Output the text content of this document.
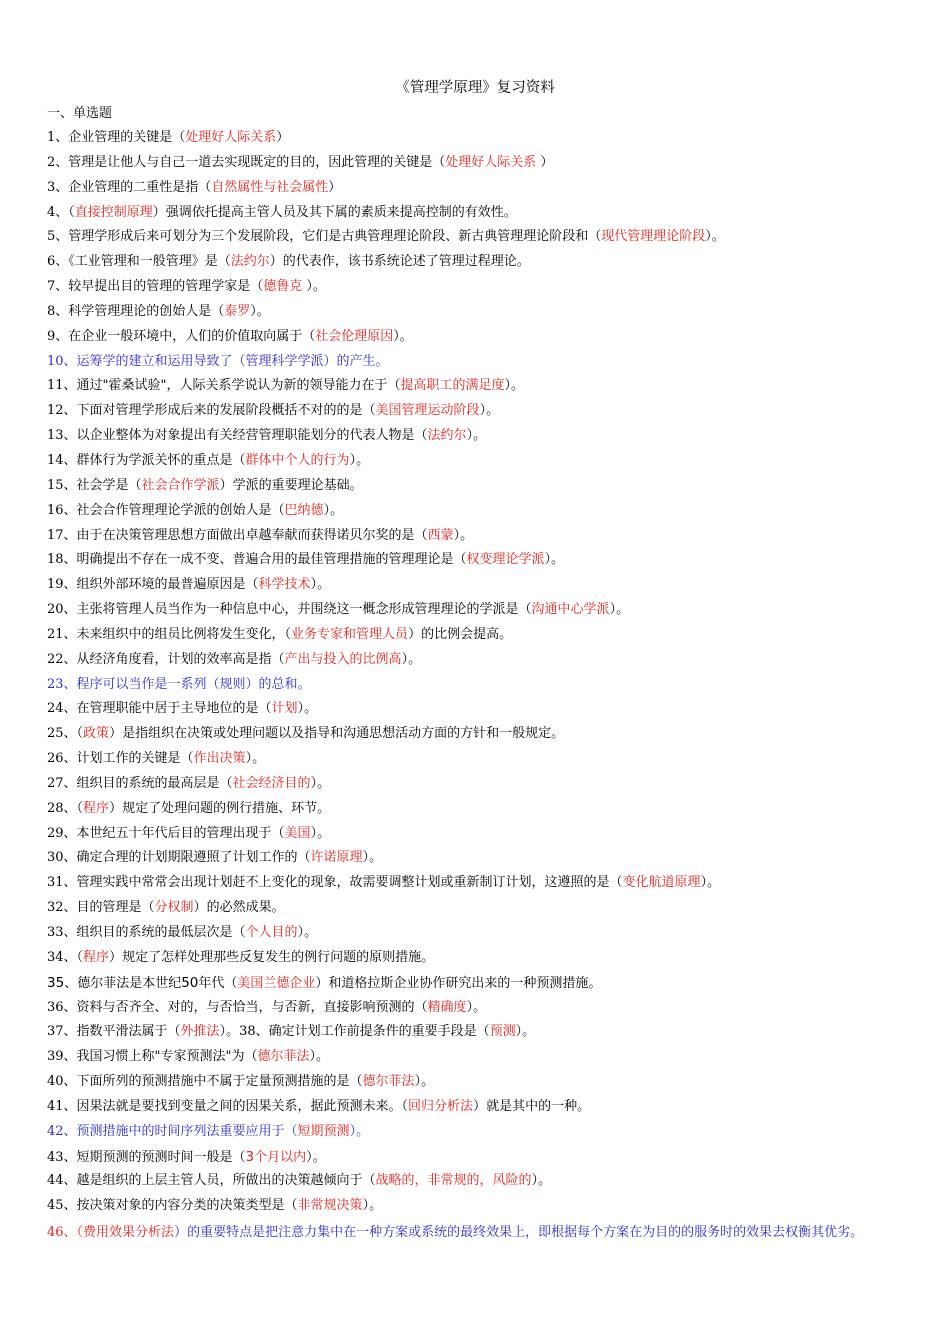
《管理学原理》复习资料
一、单选题
1、企业管理的关键是（处理好人际关系）
2、管理是让他人与自己一道去实现既定的目的，因此管理的关键是（处理好人际关系 ）
3、企业管理的二重性是指（自然属性与社会属性）
4、（直接控制原理）强调依托提高主管人员及其下属的素质来提高控制的有效性。
5、管理学形成后来可划分为三个发展阶段，它们是古典管理理论阶段、新古典管理理论阶段和（现代管理理论阶段）。
6、《工业管理和一般管理》是（法约尔）的代表作，该书系统论述了管理过程理论。
7、较早提出目的管理的管理学家是（德鲁克 ）。
8、科学管理理论的创始人是（泰罗）。
9、在企业一般环境中，人们的价值取向属于（社会伦理原因）。
10、运筹学的建立和运用导致了（管理科学学派）的产生。
11、通过"霍桑试验"，人际关系学说认为新的领导能力在于（提高职工的满足度）。
12、下面对管理学形成后来的发展阶段概括不对的的是（美国管理运动阶段）。
13、以企业整体为对象提出有关经营管理职能划分的代表人物是（法约尔）。
14、群体行为学派关怀的重点是（群体中个人的行为）。
15、社会学是（社会合作学派）学派的重要理论基础。
16、社会合作管理理论学派的创始人是（巴纳德）。
17、由于在决策管理思想方面做出卓越奉献而获得诺贝尔奖的是（西蒙）。
18、明确提出不存在一成不变、普遍合用的最佳管理措施的管理理论是（权变理论学派）。
19、组织外部环境的最普遍原因是（科学技术）。
20、主张将管理人员当作为一种信息中心，并围绕这一概念形成管理理论的学派是（沟通中心学派）。
21、未来组织中的组员比例将发生变化，（业务专家和管理人员）的比例会提高。
22、从经济角度看，计划的效率高是指（产出与投入的比例高）。
23、程序可以当作是一系列（规则）的总和。
24、在管理职能中居于主导地位的是（计划）。
25、（政策）是指组织在决策或处理问题以及指导和沟通思想活动方面的方针和一般规定。
26、计划工作的关键是（作出决策）。
27、组织目的系统的最高层是（社会经济目的）。
28、（程序）规定了处理问题的例行措施、环节。
29、本世纪五十年代后目的管理出现于（美国）。
30、确定合理的计划期限遵照了计划工作的（许诺原理）。
31、管理实践中常常会出现计划赶不上变化的现象，故需要调整计划或重新制订计划，这遵照的是（变化航道原理）。
32、目的管理是（分权制）的必然成果。
33、组织目的系统的最低层次是（个人目的）。
34、（程序）规定了怎样处理那些反复发生的例行问题的原则措施。
35、德尔菲法是本世纪50年代（美国兰德企业）和道格拉斯企业协作研究出来的一种预测措施。
36、资料与否齐全、对的，与否恰当，与否新，直接影响预测的（精确度）。
37、指数平滑法属于（外推法）。38、确定计划工作前提条件的重要手段是（预测）。
39、我国习惯上称"专家预测法"为（德尔菲法）。
40、下面所列的预测措施中不属于定量预测措施的是（德尔菲法）。
41、因果法就是要找到变量之间的因果关系，据此预测未来。（回归分析法）就是其中的一种。
42、预测措施中的时间序列法重要应用于（短期预测）。
43、短期预测的预测时间一般是（3个月以内）。
44、越是组织的上层主管人员，所做出的决策越倾向于（战略的，非常规的，风险的）。
45、按决策对象的内容分类的决策类型是（非常规决策）。
46、（费用效果分析法）的重要特点是把注意力集中在一种方案或系统的最终效果上，即根据每个方案在为目的的服务时的效果去权衡其优劣。
